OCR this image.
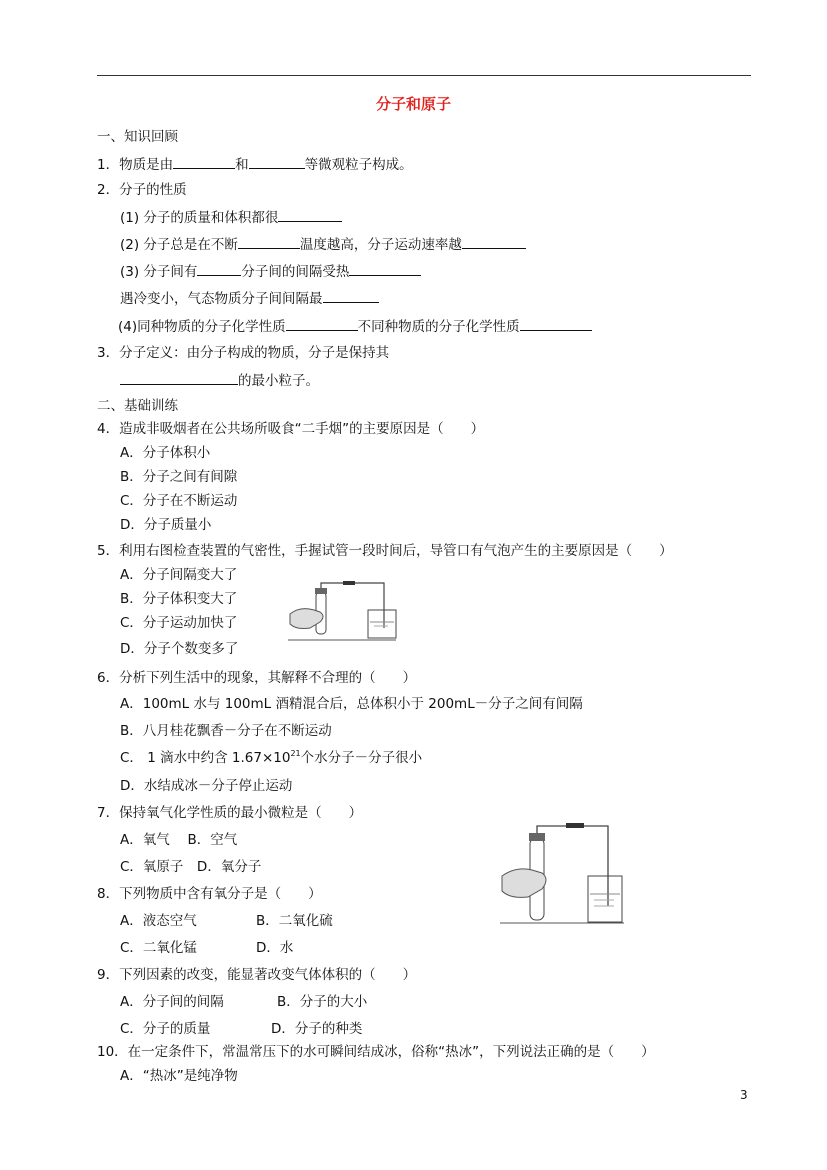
分子和原子
一、知识回顾
1．物质是由	和	等微观粒子构成。
2．分子的性质
(1) 分子的质量和体积都很
(2) 分子总是在不断	温度越高，分子运动速率越
(3) 分子间有	分子间的间隔受热
遇冷变小，气态物质分子间间隔最
(4)同种物质的分子化学性质	不同种物质的分子化学性质
3．分子定义：由分子构成的物质，分子是保持其
的最小粒子。
二、基础训练
4．造成非吸烟者在公共场所吸食“二手烟”的主要原因是（　　）
A．分子体积小
B．分子之间有间隙
C．分子在不断运动
D．分子质量小
5．利用右图检查装置的气密性，手握试管一段时间后，导管口有气泡产生的主要原因是（　　）
A．分子间隔变大了
B．分子体积变大了
C．分子运动加快了
D．分子个数变多了
6．分析下列生活中的现象，其解释不合理的（　　）
A．100mL 水与 100mL 酒精混合后，总体积小于 200mL－分子之间有间隔
B．八月桂花飘香－分子在不断运动
C． 1 滴水中约含 $1.67\times 10^{21}$个水分子－分子很小
D．水结成冰－分子停止运动
7．保持氧气化学性质的最小微粒是（　　）
A．氧气　 B．空气
C．氧原子　D．氧分子
8．下列物质中含有氧分子是（　　）
A．液态空气	B．二氧化硫
C．二氧化锰	D．水
9．下列因素的改变，能显著改变气体体积的（　　）
A．分子间的间隔	B．分子的大小
C．分子的质量	D．分子的种类
10．在一定条件下，常温常压下的水可瞬间结成冰，俗称“热冰”，下列说法正确的是（　　）
A．“热冰”是纯净物
3
